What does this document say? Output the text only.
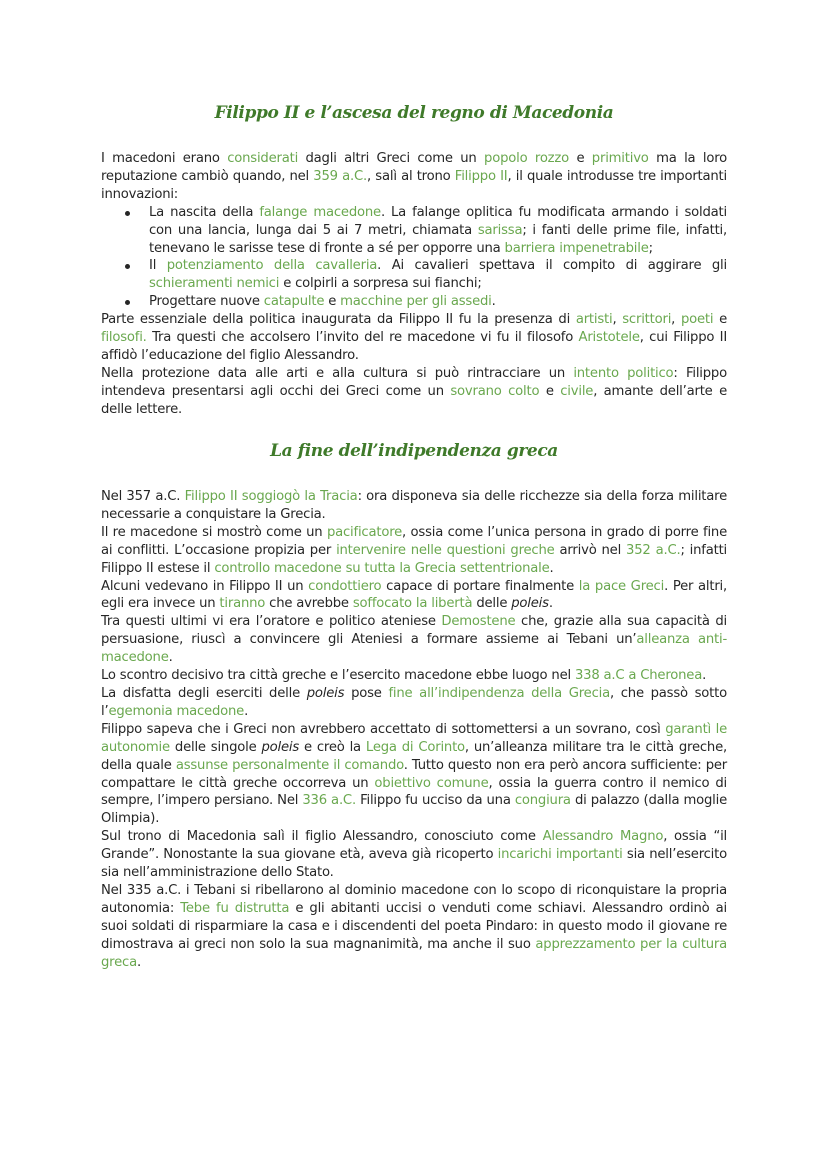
Filippo II e l’ascesa del regno di Macedonia

I macedoni erano considerati dagli altri Greci come un popolo rozzo e primitivo ma la loro reputazione cambiò quando, nel 359 a.C., salì al trono Filippo II, il quale introdusse tre importanti innovazioni:

La nascita della falange macedone. La falange oplitica fu modificata armando i soldati con una lancia, lunga dai 5 ai 7 metri, chiamata sarissa; i fanti delle prime file, infatti, tenevano le sarisse tese di fronte a sé per opporre una barriera impenetrabile;
Il potenziamento della cavalleria. Ai cavalieri spettava il compito di aggirare gli schieramenti nemici e colpirli a sorpresa sui fianchi;
Progettare nuove catapulte e macchine per gli assedi.

Parte essenziale della politica inaugurata da Filippo II fu la presenza di artisti, scrittori, poeti e filosofi. Tra questi che accolsero l’invito del re macedone vi fu il filosofo Aristotele, cui Filippo II affidò l’educazione del figlio Alessandro.

Nella protezione data alle arti e alla cultura si può rintracciare un intento politico: Filippo intendeva presentarsi agli occhi dei Greci come un sovrano colto e civile, amante dell’arte e delle lettere.

La fine dell’indipendenza greca

Nel 357 a.C. Filippo II soggiogò la Tracia: ora disponeva sia delle ricchezze sia della forza militare necessarie a conquistare la Grecia.

Il re macedone si mostrò come un pacificatore, ossia come l’unica persona in grado di porre fine ai conflitti. L’occasione propizia per intervenire nelle questioni greche arrivò nel 352 a.C.; infatti Filippo II estese il controllo macedone su tutta la Grecia settentrionale.

Alcuni vedevano in Filippo II un condottiero capace di portare finalmente la pace Greci. Per altri, egli era invece un tiranno che avrebbe soffocato la libertà delle poleis.

Tra questi ultimi vi era l’oratore e politico ateniese Demostene che, grazie alla sua capacità di persuasione, riuscì a convincere gli Ateniesi a formare assieme ai Tebani un’alleanza anti-macedone.

Lo scontro decisivo tra città greche e l’esercito macedone ebbe luogo nel 338 a.C a Cheronea.

La disfatta degli eserciti delle poleis pose fine all’indipendenza della Grecia, che passò sotto l’egemonia macedone.

Filippo sapeva che i Greci non avrebbero accettato di sottomettersi a un sovrano, così garantì le autonomie delle singole poleis e creò la Lega di Corinto, un’alleanza militare tra le città greche, della quale assunse personalmente il comando. Tutto questo non era però ancora sufficiente: per compattare le città greche occorreva un obiettivo comune, ossia la guerra contro il nemico di sempre, l’impero persiano. Nel 336 a.C. Filippo fu ucciso da una congiura di palazzo (dalla moglie Olimpia).

Sul trono di Macedonia salì il figlio Alessandro, conosciuto come Alessandro Magno, ossia “il Grande”. Nonostante la sua giovane età, aveva già ricoperto incarichi importanti sia nell’esercito sia nell’amministrazione dello Stato.

Nel 335 a.C. i Tebani si ribellarono al dominio macedone con lo scopo di riconquistare la propria autonomia: Tebe fu distrutta e gli abitanti uccisi o venduti come schiavi. Alessandro ordinò ai suoi soldati di risparmiare la casa e i discendenti del poeta Pindaro: in questo modo il giovane re dimostrava ai greci non solo la sua magnanimità, ma anche il suo apprezzamento per la cultura greca.
